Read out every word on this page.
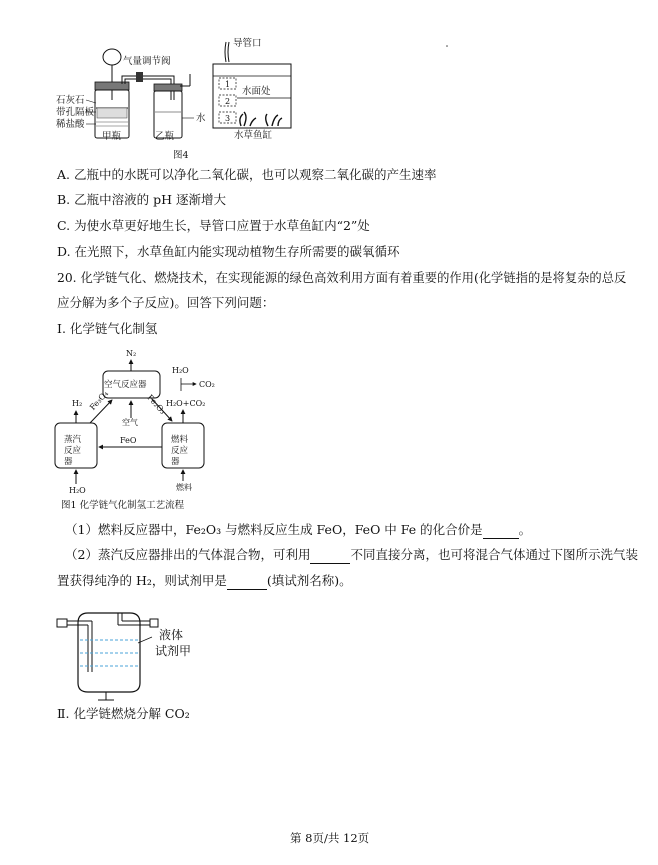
气量调节阀
石灰石
带孔隔板
稀盐酸
水
甲瓶	乙瓶
导管口
水面处
1
2
3
水草鱼缸
图4
A. 乙瓶中的水既可以净化二氧化碳，也可以观察二氧化碳的产生速率
B. 乙瓶中溶液的 pH 逐渐增大
C. 为使水草更好地生长，导管口应置于水草鱼缸内“2”处
D. 在光照下，水草鱼缸内能实现动植物生存所需要的碳氧循环
20. 化学链气化、燃烧技术，在实现能源的绿色高效利用方面有着重要的作用(化学链指的是将复杂的总反
应分解为多个子反应)。回答下列问题：
Ⅰ. 化学链气化制氢
空气反应器
蒸汽反应器
燃料反应器
N₂
H₂
H₂O
CO₂
H₂O+CO₂
Fe₃O₄	Fe₂O₃
空气
FeO
H₂O	燃料
图1 化学链气化制氢工艺流程
（1）燃料反应器中，Fe₂O₃ 与燃料反应生成 FeO，FeO 中 Fe 的化合价是	。
（2）蒸汽反应器排出的气体混合物，可利用	不同直接分离，也可将混合气体通过下图所示洗气装
置获得纯净的 H₂，则试剂甲是	(填试剂名称)。
液体
试剂甲
Ⅱ. 化学链燃烧分解 CO₂
第 8页/共 12页
